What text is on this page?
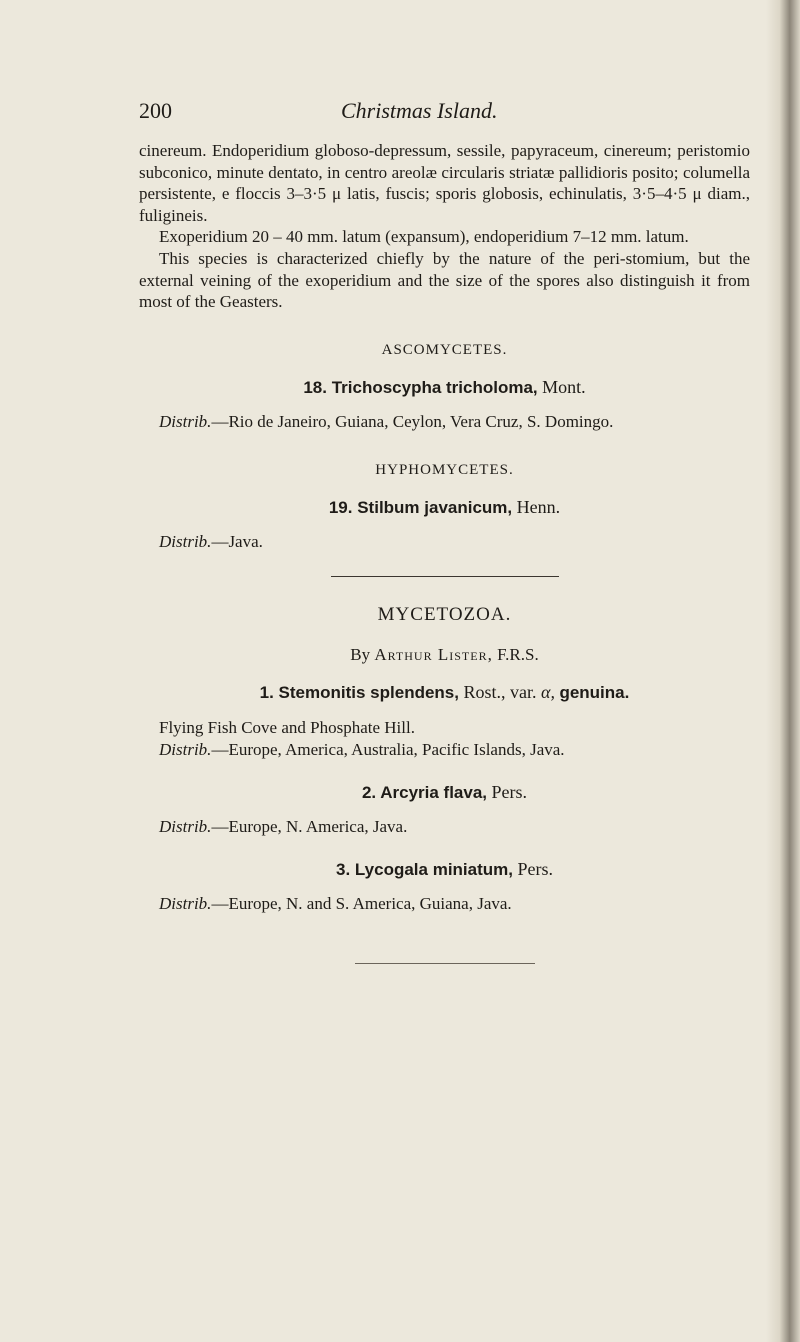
200	Christmas Island.

cinereum. Endoperidium globoso-depressum, sessile, papyraceum, cinereum; peristomio subconico, minute dentato, in centro areolæ circularis striatæ pallidioris posito; columella persistente, e floccis 3–3·5 μ latis, fuscis; sporis globosis, echinulatis, 3·5–4·5 μ diam., fuligineis.

Exoperidium 20 – 40 mm. latum (expansum), endoperidium 7–12 mm. latum.

This species is characterized chiefly by the nature of the peri-stomium, but the external veining of the exoperidium and the size of the spores also distinguish it from most of the Geasters.

ASCOMYCETES.

18. Trichoscypha tricholoma, Mont.

Distrib.—Rio de Janeiro, Guiana, Ceylon, Vera Cruz, S. Domingo.

HYPHOMYCETES.

19. Stilbum javanicum, Henn.

Distrib.—Java.

MYCETOZOA.

By Arthur Lister, F.R.S.

1. Stemonitis splendens, Rost., var. α, genuina.

Flying Fish Cove and Phosphate Hill.

Distrib.—Europe, America, Australia, Pacific Islands, Java.

2. Arcyria flava, Pers.

Distrib.—Europe, N. America, Java.

3. Lycogala miniatum, Pers.

Distrib.—Europe, N. and S. America, Guiana, Java.
